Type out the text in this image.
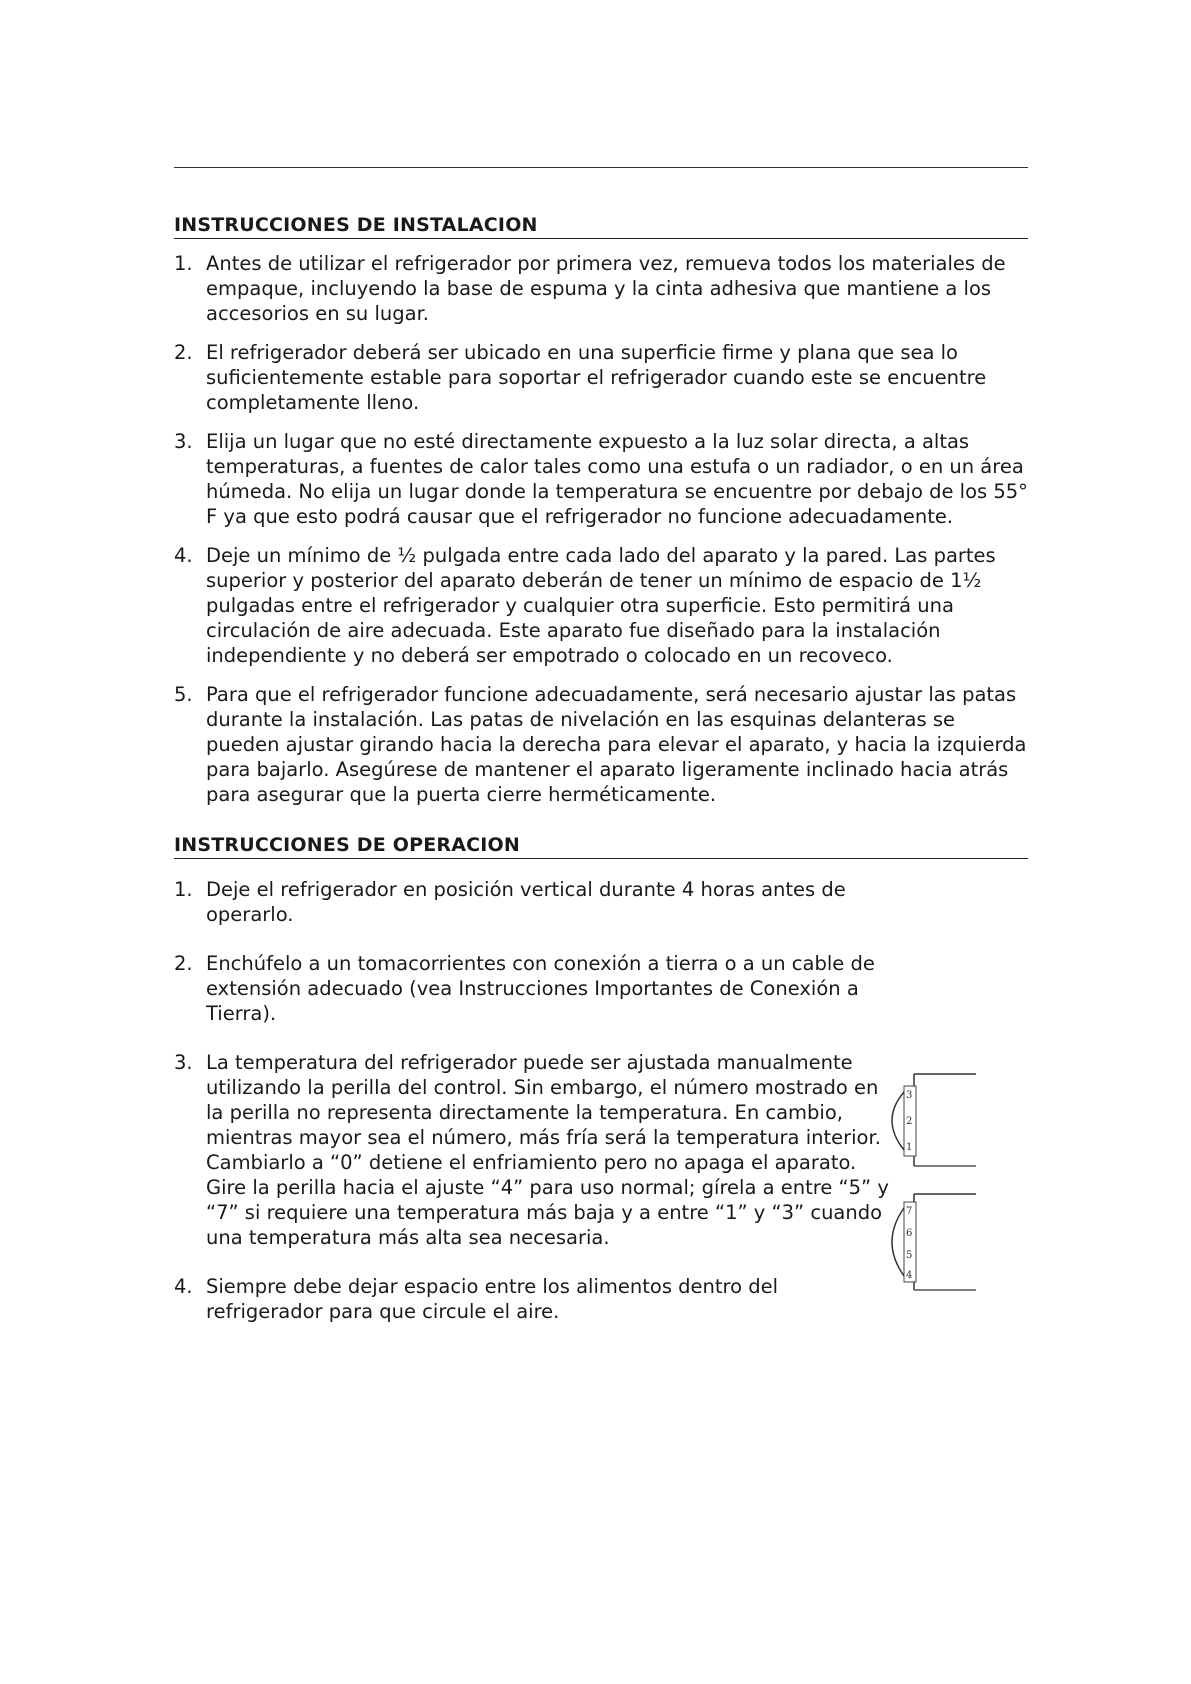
INSTRUCCIONES DE INSTALACION

1. Antes de utilizar el refrigerador por primera vez, remueva todos los materiales de empaque, incluyendo la base de espuma y la cinta adhesiva que mantiene a los accesorios en su lugar.

2. El refrigerador deberá ser ubicado en una superficie firme y plana que sea lo suficientemente estable para soportar el refrigerador cuando este se encuentre completamente lleno.

3. Elija un lugar que no esté directamente expuesto a la luz solar directa, a altas temperaturas, a fuentes de calor tales como una estufa o un radiador, o en un área húmeda. No elija un lugar donde la temperatura se encuentre por debajo de los 55° F ya que esto podrá causar que el refrigerador no funcione adecuadamente.

4. Deje un mínimo de ½ pulgada entre cada lado del aparato y la pared. Las partes superior y posterior del aparato deberán de tener un mínimo de espacio de 1½ pulgadas entre el refrigerador y cualquier otra superficie. Esto permitirá una circulación de aire adecuada. Este aparato fue diseñado para la instalación independiente y no deberá ser empotrado o colocado en un recoveco.

5. Para que el refrigerador funcione adecuadamente, será necesario ajustar las patas durante la instalación. Las patas de nivelación en las esquinas delanteras se pueden ajustar girando hacia la derecha para elevar el aparato, y hacia la izquierda para bajarlo. Asegúrese de mantener el aparato ligeramente inclinado hacia atrás para asegurar que la puerta cierre herméticamente.

INSTRUCCIONES DE OPERACION

1. Deje el refrigerador en posición vertical durante 4 horas antes de operarlo.

2. Enchúfelo a un tomacorrientes con conexión a tierra o a un cable de extensión adecuado (vea Instrucciones Importantes de Conexión a Tierra).

3. La temperatura del refrigerador puede ser ajustada manualmente utilizando la perilla del control. Sin embargo, el número mostrado en la perilla no representa directamente la temperatura. En cambio, mientras mayor sea el número, más fría será la temperatura interior. Cambiarlo a “0” detiene el enfriamiento pero no apaga el aparato. Gire la perilla hacia el ajuste “4” para uso normal; gírela a entre “5” y “7” si requiere una temperatura más baja y a entre “1” y “3” cuando una temperatura más alta sea necesaria.

4. Siempre debe dejar espacio entre los alimentos dentro del refrigerador para que circule el aire.

3
2
1
7
6
5
4
